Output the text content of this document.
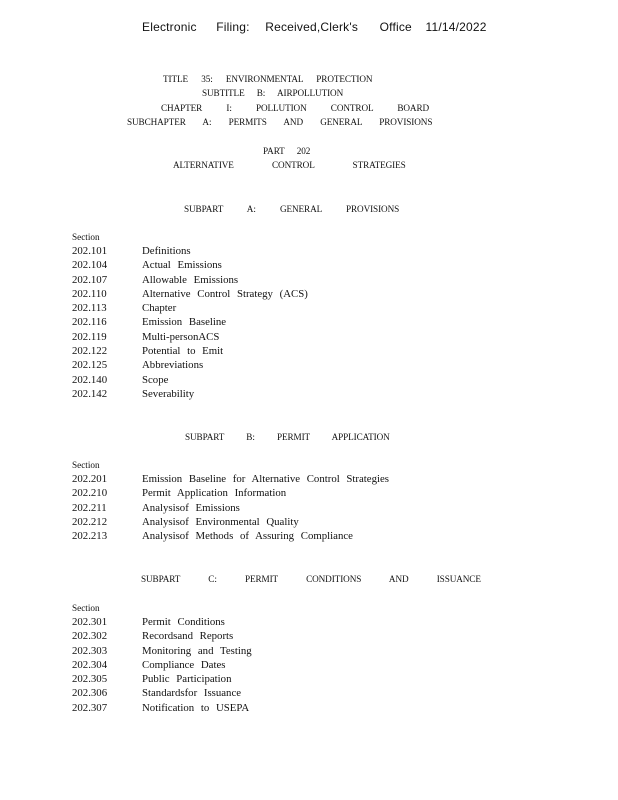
Electronic Filing: Received,Clerk's Office 11/14/2022
TITLE 35: ENVIRONMENTAL PROTECTION
SUBTITLE B: AIRPOLLUTION
CHAPTER I: POLLUTION CONTROL BOARD
SUBCHAPTER A: PERMITS AND GENERAL PROVISIONS
PART 202
ALTERNATIVE CONTROL STRATEGIES
SUBPART A: GENERAL PROVISIONS
Section
202.101	Definitions
202.104	Actual Emissions
202.107	Allowable Emissions
202.110	Alternative Control Strategy (ACS)
202.113	Chapter
202.116	Emission Baseline
202.119	Multi-personACS
202.122	Potential to Emit
202.125	Abbreviations
202.140	Scope
202.142	Severability
SUBPART B: PERMIT APPLICATION
Section
202.201	Emission Baseline for Alternative Control Strategies
202.210	Permit Application Information
202.211	Analysisof Emissions
202.212	Analysisof Environmental Quality
202.213	Analysisof Methods of Assuring Compliance
SUBPART C: PERMIT CONDITIONS AND ISSUANCE
Section
202.301	Permit Conditions
202.302	Recordsand Reports
202.303	Monitoring and Testing
202.304	Compliance Dates
202.305	Public Participation
202.306	Standardsfor Issuance
202.307	Notification to USEPA
